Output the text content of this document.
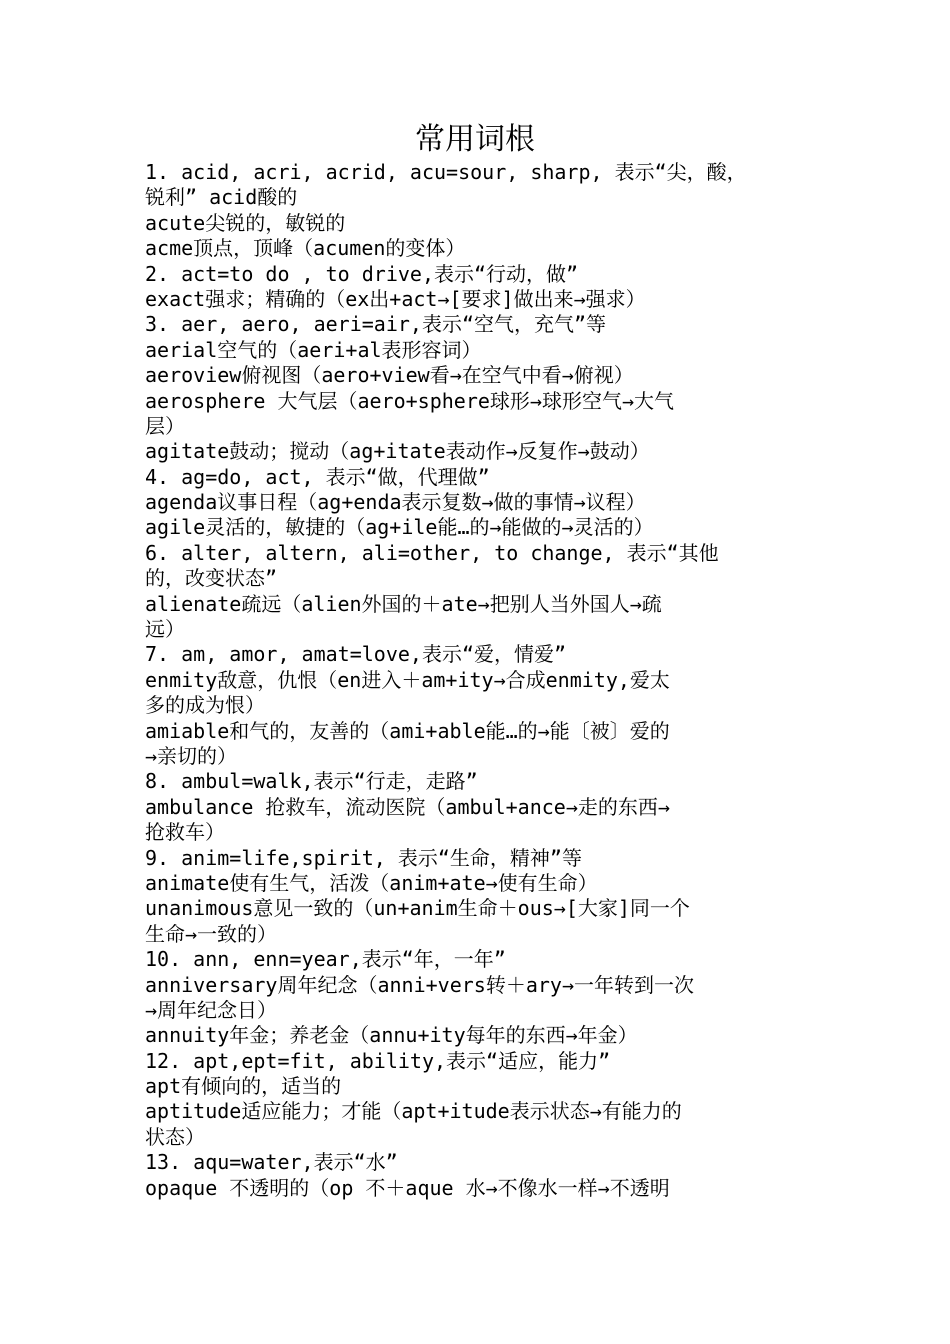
常用词根
1. acid, acri, acrid, acu=sour, sharp, 表示“尖，酸，
锐利” acid酸的
acute尖锐的，敏锐的
acme顶点，顶峰（acumen的变体）
2. act=to do , to drive,表示“行动，做”
exact强求；精确的（ex出+act→[要求]做出来→强求）
3. aer, aero, aeri=air,表示“空气，充气”等
aerial空气的（aeri+al表形容词）
aeroview俯视图（aero+view看→在空气中看→俯视）
aerosphere 大气层（aero+sphere球形→球形空气→大气
层）
agitate鼓动；搅动（ag+itate表动作→反复作→鼓动）
4. ag=do, act, 表示“做，代理做”
agenda议事日程（ag+enda表示复数→做的事情→议程）
agile灵活的，敏捷的（ag+ile能…的→能做的→灵活的）
6. alter, altern, ali=other, to change, 表示“其他
的，改变状态”
alienate疏远（alien外国的＋ate→把别人当外国人→疏
远）
7. am, amor, amat=love,表示“爱，情爱”
enmity敌意，仇恨（en进入＋am+ity→合成enmity,爱太
多的成为恨）
amiable和气的，友善的（ami+able能…的→能〔被〕爱的
→亲切的）
8. ambul=walk,表示“行走，走路”
ambulance 抢救车，流动医院（ambul+ance→走的东西→
抢救车）
9. anim=life,spirit, 表示“生命，精神”等
animate使有生气，活泼（anim+ate→使有生命）
unanimous意见一致的（un+anim生命＋ous→[大家]同一个
生命→一致的）
10. ann, enn=year,表示“年，一年”
anniversary周年纪念（anni+vers转＋ary→一年转到一次
→周年纪念日）
annuity年金；养老金（annu+ity每年的东西→年金）
12. apt,ept=fit, ability,表示“适应，能力”
apt有倾向的，适当的
aptitude适应能力；才能（apt+itude表示状态→有能力的
状态）
13. aqu=water,表示“水”
opaque 不透明的（op 不＋aque 水→不像水一样→不透明
